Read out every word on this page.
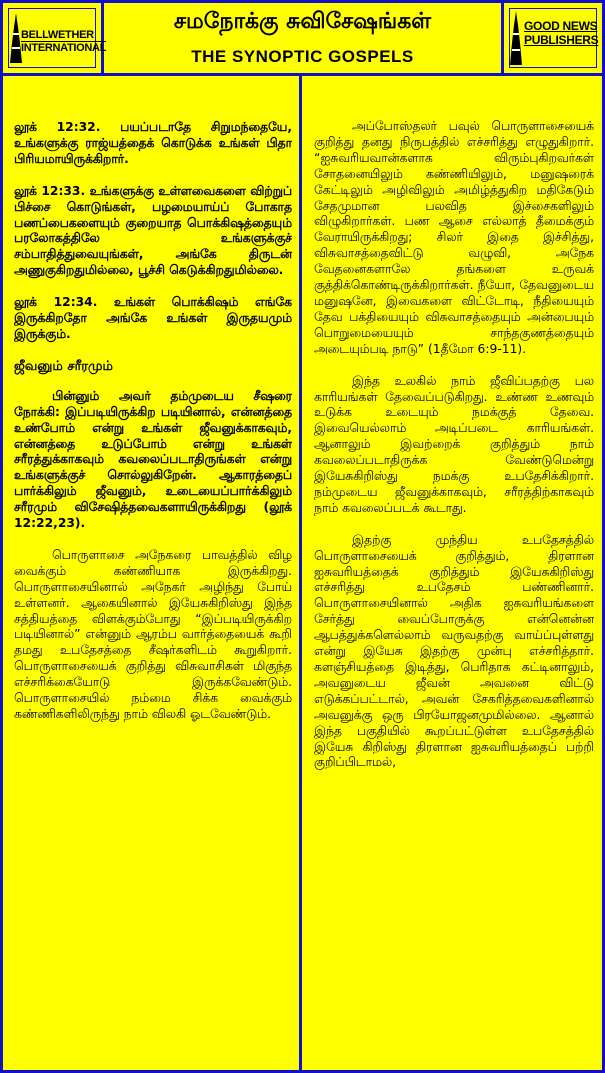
BELLWETHER
INTERNATIONAL
சமநோக்கு சுவிசேஷங்கள்
THE SYNOPTIC GOSPELS
GOOD NEWS
PUBLISHERS

லூக் 12:32. பயப்படாதே சிறுமந்தையே, உங்களுக்கு ராஜ்யத்தைக் கொடுக்க உங்கள் பிதா பிரியமாயிருக்கிறார்.

லூக் 12:33. உங்களுக்கு உள்ளவைகளை விற்றுப் பிச்சை கொடுங்கள், பழமையாய்ப் போகாத பணப்பைகளையும் குறையாத பொக்கிஷத்தையும் பரலோகத்திலே உங்களுக்குச் சம்பாதித்துவையுங்கள், அங்கே திருடன் அணுகுகிறதுமில்லை, பூச்சி கெடுக்கிறதுமில்லை.

லூக் 12:34. உங்கள் பொக்கிஷம் எங்கே இருக்கிறதோ அங்கே உங்கள் இருதயமும் இருக்கும்.

ஜீவனும் சரீரமும்

பின்னும் அவர் தம்முடைய சீஷரை நோக்கி: இப்படியிருக்கிற படியினால், என்னத்தை உண்போம் என்று உங்கள் ஜீவனுக்காகவும், என்னத்தை உடுப்போம் என்று உங்கள் சரீரத்துக்காகவும் கவலைப்படாதிருங்கள் என்று உங்களுக்குச் சொல்லுகிறேன். ஆகாரத்தைப் பார்க்கிலும் ஜீவனும், உடையைப்பார்க்கிலும் சரீரமும் விசேஷித்தவைகளாயிருக்கிறது (லூக் 12:22,23).

பொருளாசை அநேகரை பாவத்தில் விழ வைக்கும் கண்ணியாக இருக்கிறது. பொருளாசையினால் அநேகர் அழிந்து போய் உள்ளனர். ஆகையினால் இயேசுகிறிஸ்து இந்த சத்தியத்தை விளக்கும்போது “இப்படியிருக்கிற படியினால்” என்னும் ஆரம்ப வார்த்தையைக் கூறி தமது உபதேசத்தை சீஷர்களிடம் கூறுகிறார். பொருளாசையைக் குறித்து விசுவாசிகள் மிகுந்த எச்சரிக்கையோடு இருக்கவேண்டும். பொருளாசையில் நம்மை சிக்க வைக்கும் கண்ணிகளிலிருந்து நாம் விலகி ஓடவேண்டும்.

அப்போஸ்தலர் பவுல் பொருளாசையைக் குறித்து தனது நிருபத்தில் எச்சரித்து எழுதுகிறார். “ஐசுவரியவான்களாக விரும்புகிறவர்கள் சோதனையிலும் கண்ணியிலும், மனுஷரைக் கேட்டிலும் அழிவிலும் அமிழ்த்துகிற மதிகேடும் சேதமுமான பலவித இச்சைகளிலும் விழுகிறார்கள். பண ஆசை எல்லாத் தீமைக்கும் வேராயிருக்கிறது; சிலர் இதை இச்சித்து, விசுவாசத்தைவிட்டு வழுவி, அநேக வேதனைகளாலே தங்களை உருவக் குத்திக்கொண்டிருக்கிறார்கள். நீயோ, தேவனுடைய மனுஷனே, இவைகளை விட்டோடி, நீதியையும் தேவ பக்தியையும் விசுவாசத்தையும் அன்பையும் பொறுமையையும் சாந்தகுணத்தையும் அடையும்படி நாடு” (1தீமோ 6:9-11).

இந்த உலகில் நாம் ஜீவிப்பதற்கு பல காரியங்கள் தேவைப்படுகிறது. உண்ண உணவும் உடுக்க உடையும் நமக்குத் தேவை. இவையெல்லாம் அடிப்படை காரியங்கள். ஆனாலும் இவற்றைக் குறித்தும் நாம் கவலைப்படாதிருக்க வேண்டுமென்று இயேசுகிறிஸ்து நமக்கு உபதேசிக்கிறார். நம்முடைய ஜீவனுக்காகவும், சரீரத்திற்காகவும் நாம் கவலைப்படக் கூடாது.

இதற்கு முந்திய உபதேசத்தில் பொருளாசையைக் குறித்தும், திரளான ஐசுவரியத்தைக் குறித்தும் இயேசுகிறிஸ்து எச்சரித்து உபதேசம் பண்ணினார். பொருளாசையினால் அதிக ஐசுவரியங்களை சேர்த்து வைப்போருக்கு என்னென்ன ஆபத்துக்களெல்லாம் வருவதற்கு வாய்ப்புள்ளது என்று இயேசு இதற்கு முன்பு எச்சரித்தார். களஞ்சியத்தை இடித்து, பெரிதாக கட்டினாலும், அவனுடைய ஜீவன் அவனை விட்டு எடுக்கப்பட்டால், அவன் சேகரித்தவைகளினால் அவனுக்கு ஒரு பிரயோஜனமுமில்லை. ஆனால் இந்த பகுதியில் கூறப்பட்டுள்ள உபதேசத்தில் இயேசு கிறிஸ்து திரளான ஐசுவரியத்தைப் பற்றி குறிப்பிடாமல்,
